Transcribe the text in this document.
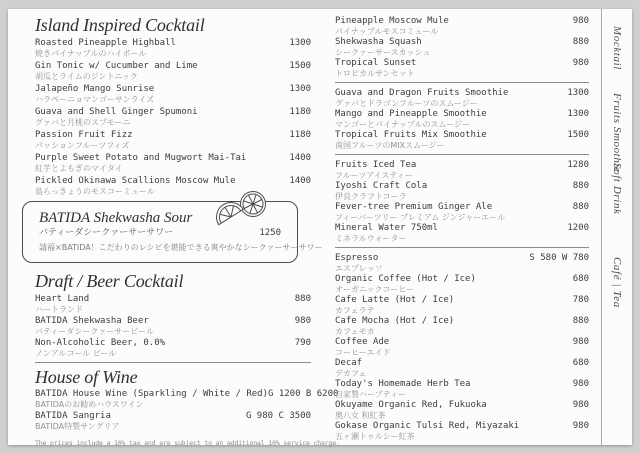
Island Inspired Cocktail
Roasted Pineapple Highball
焼きパイナップルのハイボール
1300
Gin Tonic w/ Cucumber and Lime
胡瓜とライムのジントニック
1500
Jalapeño Mango Sunrise
ハラペーニョマンゴーサンライズ
1300
Guava and Shell Ginger Spumoni
グァバと月桃のスプモーニ
1180
Passion Fruit Fizz
パッションフルーツフィズ
1180
Purple Sweet Potato and Mugwort Mai-Tai
紅芋とよもぎのマイタイ
1400
Pickled Okinawa Scallions Moscow Mule
島らっきょうのモスコーミュール
1400
BATIDA Shekwasha Sour
バティーダシークァーサーサワー	1250
請福×BATIDA！こだわりのレシピを堪能できる爽やかなシークァーサーサワー
Draft / Beer Cocktail
Heart Land
ハートランド
880
BATIDA Shekwasha Beer
バティーダシークァーサービール
980
Non-Alcoholic Beer, 0.0%
ノンアルコール ビール
790
House of Wine
BATIDA House Wine (Sparkling / White / Red)
BATIDAのお勧めハウスワイン
G 1200 B 6200
BATIDA Sangria
BATIDA特製サングリア
G 980 C 3500
The prices include a 10% tax and are subject to an additional 10% service charge.
Pineapple Moscow Mule
パイナップルモスコミュール
980
Shekwasha Squash
シークァーサースカッシュ
880
Tropical Sunset
トロピカルサンセット
980
Guava and Dragon Fruits Smoothie
グァバとドラゴンフルーツのスムージー
1300
Mango and Pineapple Smoothie
マンゴーとパイナップルのスムージー
1300
Tropical Fruits Mix Smoothie
南国フルーツのMIXスムージー
1500
Fruits Iced Tea
フルーツアイスティー
1280
Iyoshi Craft Cola
伊良クラフトコーラ
880
Fever-tree Premium Ginger Ale
フィーバーツリー プレミアム ジンジャーエール
880
Mineral Water 750ml
ミネラルウォーター
1200
Espresso
エスプレッソ
S 580 W 780
Organic Coffee (Hot / Ice)
オーガニックコーヒー
680
Cafe Latte (Hot / Ice)
カフェラテ
780
Cafe Mocha (Hot / Ice)
カフェモカ
880
Coffee Ade
コーヒーエイド
980
Decaf
デカフェ
680
Today's Homemade Herb Tea
自家製ハーブティー
980
Okuyame Organic Red, Fukuoka
奥八女 和紅茶
980
Gokase Organic Tulsi Red, Miyazaki
五ヶ瀬トゥルシー紅茶
980
Mocktail
Fruits Smoothie
Soft Drink
Café | Tea
